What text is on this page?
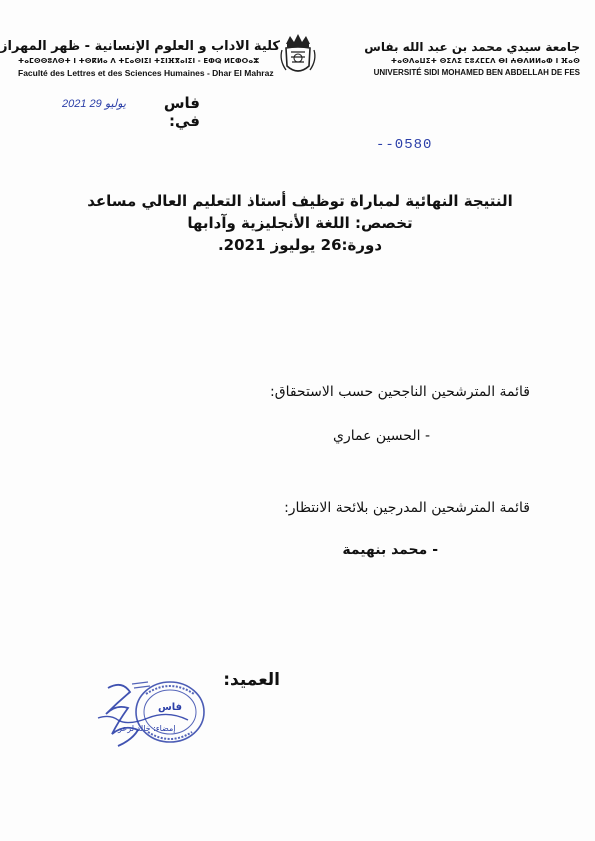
كلية الاداب و العلوم الإنسانية - ظهر المهراز
ⵜⴰⵎⵙⵙⵓⴷⵙⵜ ⵏ ⵜⵙⴽⵍⴰ ⴷ ⵜⵎⴰⵙⵏⵉⵏ ⵜⵉⵏⴼⴳⴰⵏⵉⵏ - ⴹⵀⵕ ⵍⵎⵀⵔⴰⵣ
Faculté des Lettres et des Sciences Humaines - Dhar El Mahraz
جامعة سيدي محمد بن عبد الله بفاس
ⵜⴰⵙⴷⴰⵡⵉⵜ ⵙⵉⴷⵉ ⵎⵓⵃⵎⵎⴷ ⴱⵏ ⵄⴱⴷⵍⵍⴰⵀ ⵏ ⴼⴰⵙ
UNIVERSITÉ SIDI MOHAMED BEN ABDELLAH DE FES
فاس في:
2021 يوليو 29
--0580
النتيجة النهائية لمباراة توظيف أستاذ التعليم العالي مساعد
تخصص: اللغة الأنجليزية وآدابها
دورة:26 يوليوز 2021.
قائمة المترشحين الناجحين حسب الاستحقاق:
- الحسين عماري
قائمة المترشحين المدرجين بلائحة الانتظار:
- محمد بنهيمة
العميد:
فاس
إمضاء: خالد لزعر
